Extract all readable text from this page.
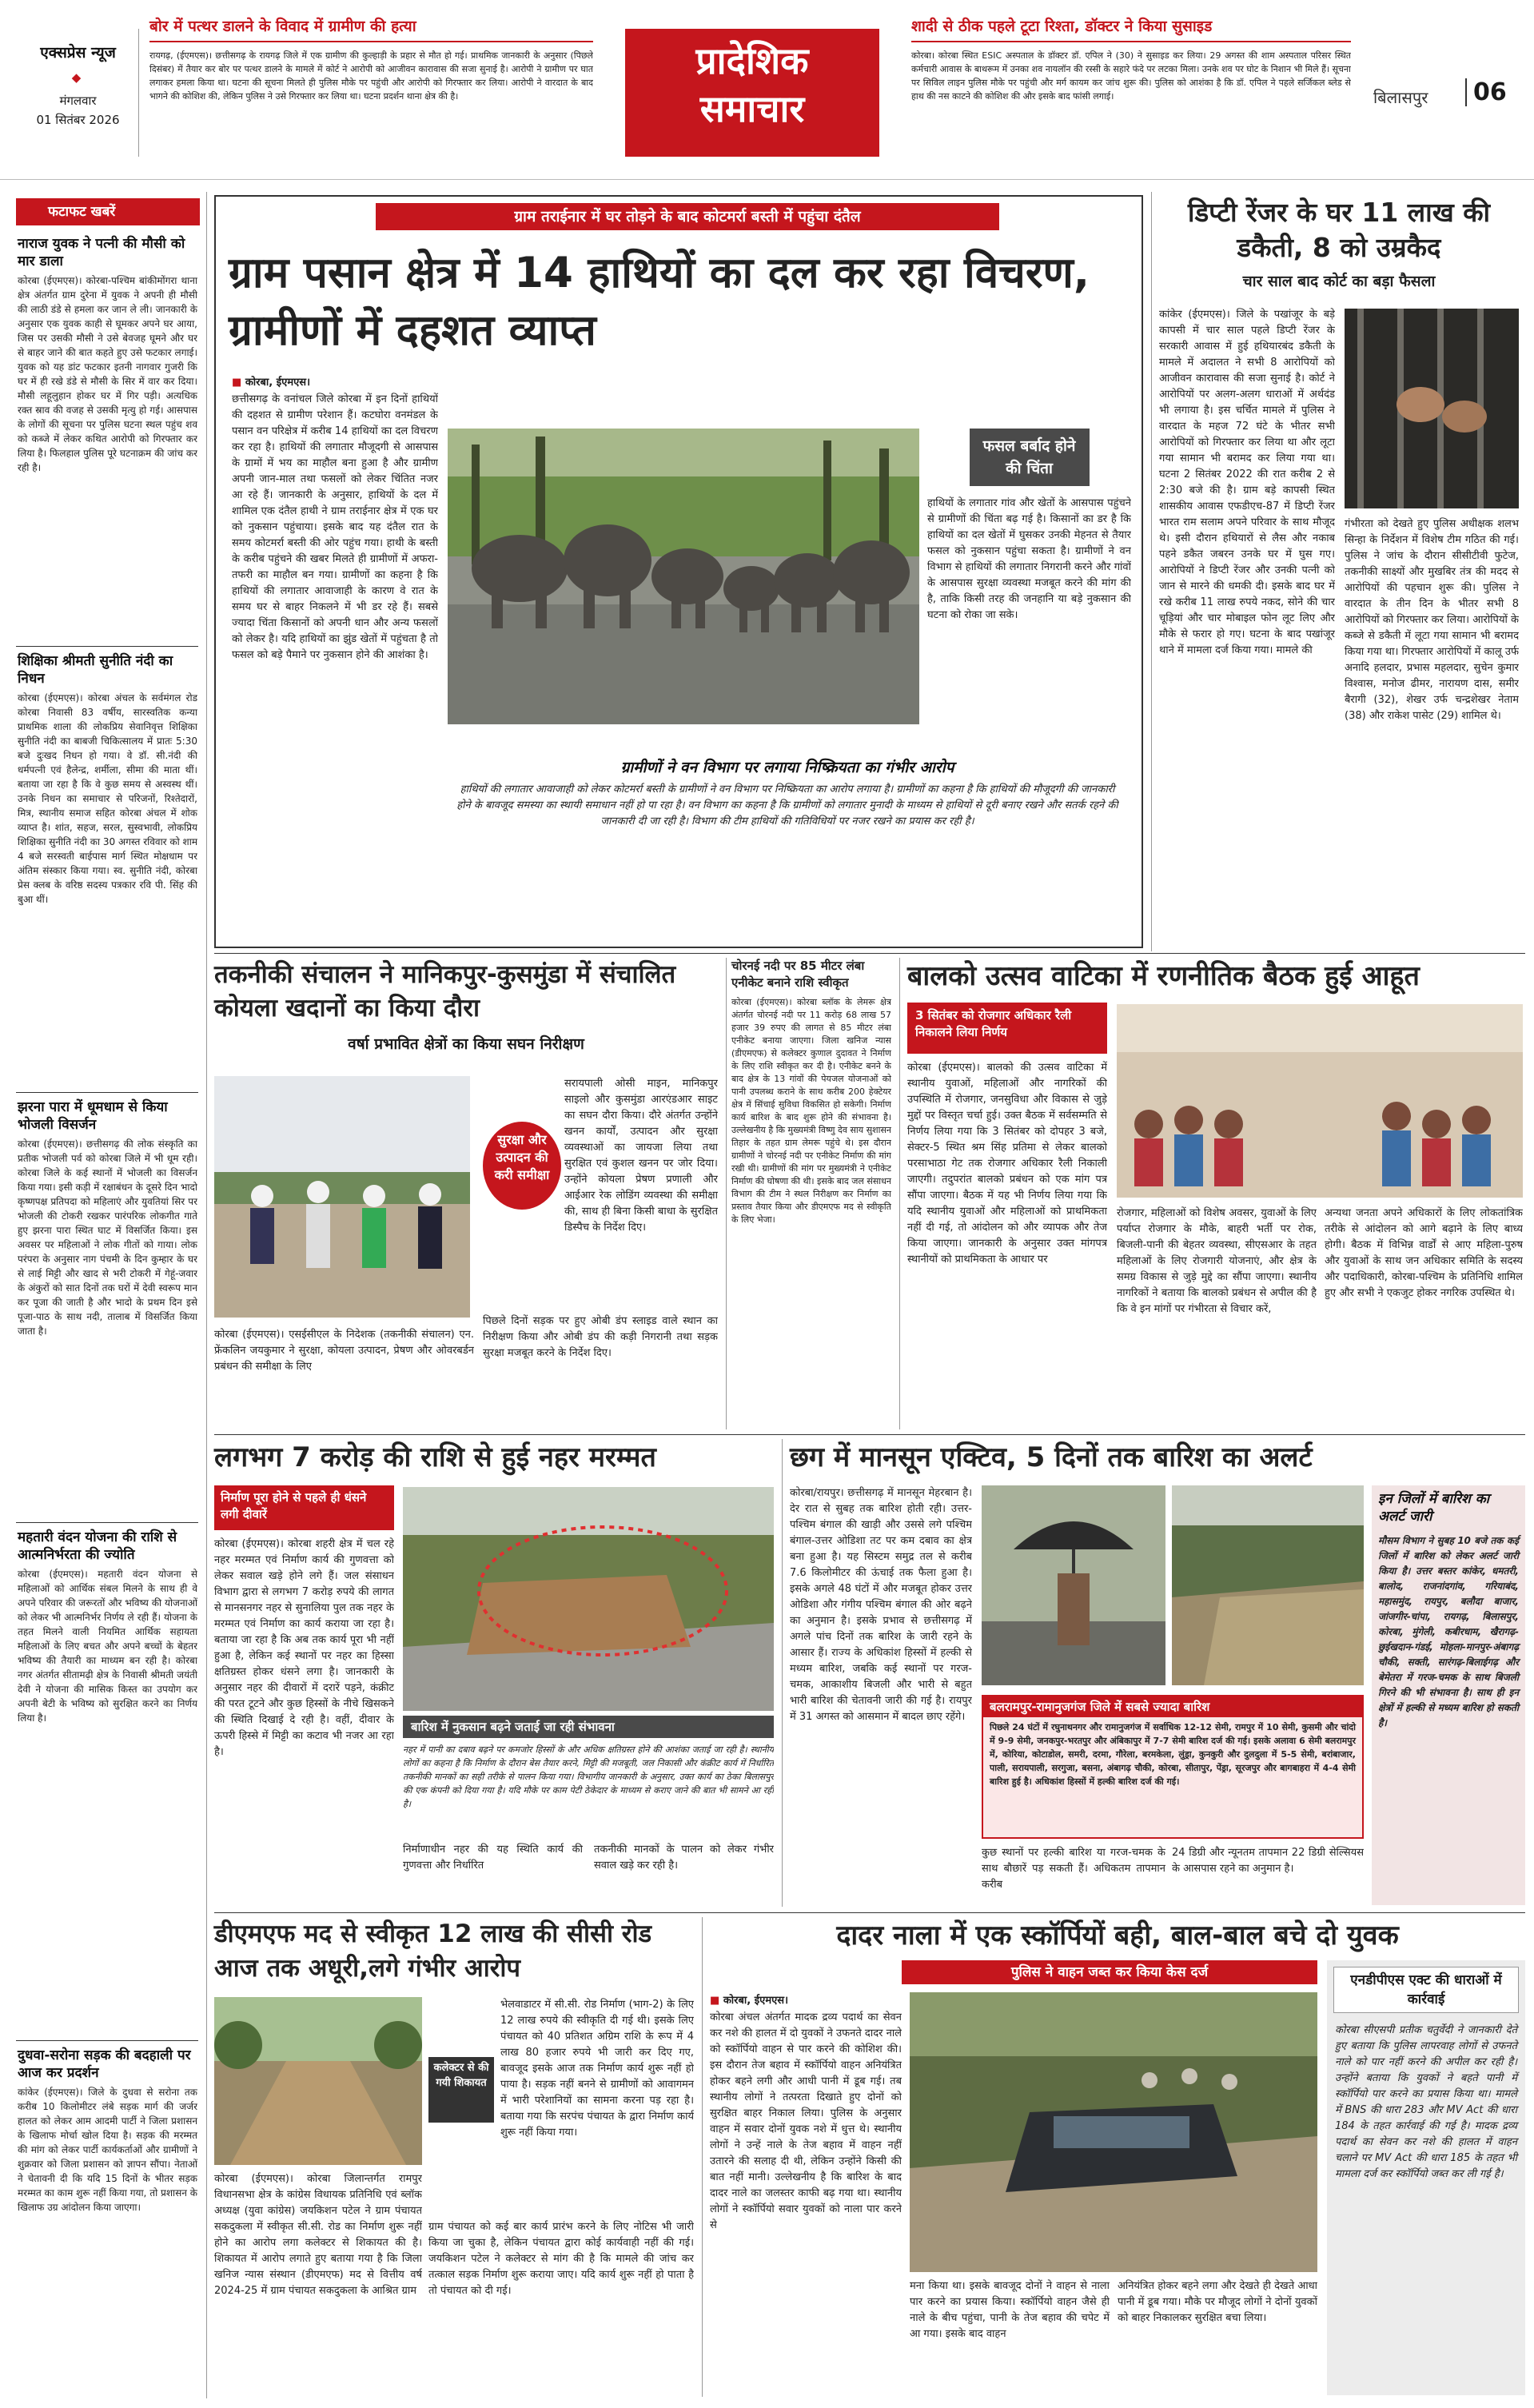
एक्सप्रेस न्यूज
◆
मंगलवार
01 सितंबर 2026
बोर में पत्थर डालने के विवाद में ग्रामीण की हत्या
रायगढ़, (ईएमएस)। छत्तीसगढ़ के रायगढ़ जिले में एक ग्रामीण की कुल्हाड़ी के प्रहार से मौत हो गई। प्राथमिक जानकारी के अनुसार (पिछले दिसंबर) में तैयार कर बोर पर पत्थर डालने के मामले में कोर्ट ने आरोपी को आजीवन कारावास की सजा सुनाई है। आरोपी ने ग्रामीण पर घात लगाकर हमला किया था। घटना की सूचना मिलते ही पुलिस मौके पर पहुंची और आरोपी को गिरफ्तार कर लिया। आरोपी ने वारदात के बाद भागने की कोशिश की, लेकिन पुलिस ने उसे गिरफ्तार कर लिया था। घटना प्रदर्शन थाना क्षेत्र की है।
प्रादेशिक
समाचार
शादी से ठीक पहले टूटा रिश्ता, डॉक्टर ने किया सुसाइड
कोरबा। कोरबा स्थित ESIC अस्पताल के डॉक्टर डॉ. एपिल ने (30) ने सुसाइड कर लिया। 29 अगस्त की शाम अस्पताल परिसर स्थित कर्मचारी आवास के बाथरूम में उनका शव नायलॉन की रस्सी के सहारे फंदे पर लटका मिला। उनके शव पर घोट के निशान भी मिले हैं। सूचना पर सिविल लाइन पुलिस मौके पर पहुंची और मर्ग कायम कर जांच शुरू की। पुलिस को आशंका है कि डॉ. एपिल ने पहले सर्जिकल ब्लेड से हाथ की नस काटने की कोशिश की और इसके बाद फांसी लगाई।	बिलासपुर	06
फटाफट खबरें
नाराज युवक ने पत्नी की मौसी को मार डाला
कोरबा (ईएमएस)। कोरबा-पश्चिम बांकीमोंगरा थाना क्षेत्र अंतर्गत ग्राम दुरेना में युवक ने अपनी ही मौसी की लाठी डंडे से हमला कर जान ले ली। जानकारी के अनुसार एक युवक काही से घूमकर अपने घर आया, जिस पर उसकी मौसी ने उसे बेवजह घूमने और घर से बाहर जाने की बात कहते हुए उसे फटकार लगाई। युवक को यह डांट फटकार इतनी नागवार गुजरी कि घर में ही रखे डंडे से मौसी के सिर में वार कर दिया। मौसी लहूलुहान होकर घर में गिर पड़ी। अत्यधिक रक्त स्राव की वजह से उसकी मृत्यु हो गई। आसपास के लोगों की सूचना पर पुलिस घटना स्थल पहुंच शव को कब्जे में लेकर कथित आरोपी को गिरफ्तार कर लिया है। फिलहाल पुलिस पूरे घटनाक्रम की जांच कर रही है।
शिक्षिका श्रीमती सुनीति नंदी का निधन
कोरबा (ईएमएस)। कोरबा अंचल के सर्वमंगल रोड कोरबा निवासी 83 वर्षीय, सारस्वतिक कन्या प्राथमिक शाला की लोकप्रिय सेवानिवृत्त शिक्षिका सुनीति नंदी का बाबजी चिकित्सालय में प्रातः 5:30 बजे दुःखद निधन हो गया। वे डॉ. सी.नंदी की धर्मपत्नी एवं हैलेन्द्र, शर्मीला, सीमा की माता थीं। बताया जा रहा है कि वे कुछ समय से अस्वस्थ थीं। उनके निधन का समाचार से परिजनों, रिश्तेदारों, मित्र, स्थानीय समाज सहित कोरबा अंचल में शोक व्याप्त है। शांत, सहज, सरल, सुस्वभावी, लोकप्रिय शिक्षिका सुनीति नंदी का 30 अगस्त रविवार को शाम 4 बजे सरस्वती बाईपास मार्ग स्थित मोक्षधाम पर अंतिम संस्कार किया गया। स्व. सुनीति नंदी, कोरबा प्रेस क्लब के वरिष्ठ सदस्य पत्रकार रवि पी. सिंह की बुआ थीं।
झरना पारा में धूमधाम से किया भोजली विसर्जन
कोरबा (ईएमएस)। छत्तीसगढ़ की लोक संस्कृति का प्रतीक भोजली पर्व को कोरबा जिले में भी धूम रही। कोरबा जिले के कई स्थानों में भोजली का विसर्जन किया गया। इसी कड़ी में रक्षाबंधन के दूसरे दिन भादो कृष्णपक्ष प्रतिपदा को महिलाएं और युवतियां सिर पर भोजली की टोकरी रखकर पारंपरिक लोकगीत गाते हुए झरना पारा स्थित घाट में विसर्जित किया। इस अवसर पर महिलाओं ने लोक गीतों को गाया। लोक परंपरा के अनुसार नाग पंचमी के दिन कुम्हार के घर से लाई मिट्टी और खाद से भरी टोकरी में गेहूं-जवार के अंकुरों को सात दिनों तक घरों में देवी स्वरूप मान कर पूजा की जाती है और भादो के प्रथम दिन इसे पूजा-पाठ के साथ नदी, तालाब में विसर्जित किया जाता है।
महतारी वंदन योजना की राशि से आत्मनिर्भरता की ज्योति
कोरबा (ईएमएस)। महतारी वंदन योजना से महिलाओं को आर्थिक संबल मिलने के साथ ही वे अपने परिवार की जरूरतों और भविष्य की योजनाओं को लेकर भी आत्मनिर्भर निर्णय ले रही हैं। योजना के तहत मिलने वाली नियमित आर्थिक सहायता महिलाओं के लिए बचत और अपने बच्चों के बेहतर भविष्य की तैयारी का माध्यम बन रही है। कोरबा नगर अंतर्गत सीतामढ़ी क्षेत्र के निवासी श्रीमती जयंती देवी ने योजना की मासिक किस्त का उपयोग कर अपनी बेटी के भविष्य को सुरक्षित करने का निर्णय लिया है।
दुधवा-सरोना सड़क की बदहाली पर आज कर प्रदर्शन
कांकेर (ईएमएस)। जिले के दुधवा से सरोना तक करीब 10 किलोमीटर लंबे सड़क मार्ग की जर्जर हालत को लेकर आम आदमी पार्टी ने जिला प्रशासन के खिलाफ मोर्चा खोल दिया है। सड़क की मरम्मत की मांग को लेकर पार्टी कार्यकर्ताओं और ग्रामीणों ने शुक्रवार को जिला प्रशासन को ज्ञापन सौंपा। नेताओं ने चेतावनी दी कि यदि 15 दिनों के भीतर सड़क मरम्मत का काम शुरू नहीं किया गया, तो प्रशासन के खिलाफ उग्र आंदोलन किया जाएगा।
ग्राम तराईनार में घर तोड़ने के बाद कोटमर्रा बस्ती में पहुंचा दंतैल
ग्राम पसान क्षेत्र में 14 हाथियों का दल कर रहा विचरण, ग्रामीणों में दहशत व्याप्त
■ कोरबा, ईएमएस।
छत्तीसगढ़ के वनांचल जिले कोरबा में इन दिनों हाथियों की दहशत से ग्रामीण परेशान हैं। कटघोरा वनमंडल के पसान वन परिक्षेत्र में करीब 14 हाथियों का दल विचरण कर रहा है। हाथियों की लगातार मौजूदगी से आसपास के ग्रामों में भय का माहौल बना हुआ है और ग्रामीण अपनी जान-माल तथा फसलों को लेकर चिंतित नजर आ रहे हैं। जानकारी के अनुसार, हाथियों के दल में शामिल एक दंतैल हाथी ने ग्राम तराईनार क्षेत्र में एक घर को नुकसान पहुंचाया। इसके बाद यह दंतैल रात के समय कोटमर्रा बस्ती की ओर पहुंच गया। हाथी के बस्ती के करीब पहुंचने की खबर मिलते ही ग्रामीणों में अफरा-तफरी का माहौल बन गया। ग्रामीणों का कहना है कि हाथियों की लगातार आवाजाही के कारण वे रात के समय घर से बाहर निकलने में भी डर रहे हैं। सबसे ज्यादा चिंता किसानों को अपनी धान और अन्य फसलों को लेकर है। यदि हाथियों का झुंड खेतों में पहुंचता है तो फसल को बड़े पैमाने पर नुकसान होने की आशंका है।
फसल बर्बाद होने की चिंता
हाथियों के लगातार गांव और खेतों के आसपास पहुंचने से ग्रामीणों की चिंता बढ़ गई है। किसानों का डर है कि हाथियों का दल खेतों में घुसकर उनकी मेहनत से तैयार फसल को नुकसान पहुंचा सकता है। ग्रामीणों ने वन विभाग से हाथियों की लगातार निगरानी करने और गांवों के आसपास सुरक्षा व्यवस्था मजबूत करने की मांग की है, ताकि किसी तरह की जनहानि या बड़े नुकसान की घटना को रोका जा सके।
ग्रामीणों ने वन विभाग पर लगाया निष्क्रियता का गंभीर आरोप
हाथियों की लगातार आवाजाही को लेकर कोटमर्रा बस्ती के ग्रामीणों ने वन विभाग पर निष्क्रियता का आरोप लगाया है। ग्रामीणों का कहना है कि हाथियों की मौजूदगी की जानकारी होने के बावजूद समस्या का स्थायी समाधान नहीं हो पा रहा है। वन विभाग का कहना है कि ग्रामीणों को लगातार मुनादी के माध्यम से हाथियों से दूरी बनाए रखने और सतर्क रहने की जानकारी दी जा रही है। विभाग की टीम हाथियों की गतिविधियों पर नजर रखने का प्रयास कर रही है।
डिप्टी रेंजर के घर 11 लाख की डकैती, 8 को उम्रकैद
चार साल बाद कोर्ट का बड़ा फैसला
कांकेर (ईएमएस)। जिले के पखांजूर के बड़े कापसी में चार साल पहले डिप्टी रेंजर के सरकारी आवास में हुई हथियारबंद डकैती के मामले में अदालत ने सभी 8 आरोपियों को आजीवन कारावास की सजा सुनाई है। कोर्ट ने आरोपियों पर अलग-अलग धाराओं में अर्थदंड भी लगाया है। इस चर्चित मामले में पुलिस ने वारदात के महज 72 घंटे के भीतर सभी आरोपियों को गिरफ्तार कर लिया था और लूटा गया सामान भी बरामद कर लिया गया था। घटना 2 सितंबर 2022 की रात करीब 2 से 2:30 बजे की है। ग्राम बड़े कापसी स्थित शासकीय आवास एफडीएच-87 में डिप्टी रेंजर भारत राम सलाम अपने परिवार के साथ मौजूद थे। इसी दौरान हथियारों से लैस और नकाब पहने डकैत जबरन उनके घर में घुस गए। आरोपियों ने डिप्टी रेंजर और उनकी पत्नी को जान से मारने की धमकी दी। इसके बाद घर में रखे करीब 11 लाख रुपये नकद, सोने की चार चूड़ियां और चार मोबाइल फोन लूट लिए और मौके से फरार हो गए। घटना के बाद पखांजूर थाने में मामला दर्ज किया गया। मामले की
गंभीरता को देखते हुए पुलिस अधीक्षक शलभ सिन्हा के निर्देशन में विशेष टीम गठित की गई। पुलिस ने जांच के दौरान सीसीटीवी फुटेज, तकनीकी साक्ष्यों और मुखबिर तंत्र की मदद से आरोपियों की पहचान शुरू की। पुलिस ने वारदात के तीन दिन के भीतर सभी 8 आरोपियों को गिरफ्तार कर लिया। आरोपियों के कब्जे से डकैती में लूटा गया सामान भी बरामद किया गया था। गिरफ्तार आरोपियों में कालू उर्फ अनादि हलदार, प्रभास महलदार, सुचेन कुमार विश्वास, मनोज ढीमर, नारायण दास, समीर बैरागी (32), शेखर उर्फ चन्द्रशेखर नेताम (38) और राकेश पासेट (29) शामिल थे।
तकनीकी संचालन ने मानिकपुर-कुसमुंडा में संचालित कोयला खदानों का किया दौरा
वर्षा प्रभावित क्षेत्रों का किया सघन निरीक्षण
सुरक्षा और उत्पादन की करी समीक्षा
सरायपाली ओसी माइन, मानिकपुर साइलो और कुसमुंडा आरएंडआर साइट का सघन दौरा किया। दौरे अंतर्गत उन्होंने खनन कार्यों, उत्पादन और सुरक्षा व्यवस्थाओं का जायजा लिया तथा सुरक्षित एवं कुशल खनन पर जोर दिया। उन्होंने कोयला प्रेषण प्रणाली और आईआर रेक लोडिंग व्यवस्था की समीक्षा की, साथ ही बिना किसी बाधा के सुरक्षित डिस्पैच के निर्देश दिए।
पिछले दिनों सड़क पर हुए ओबी डंप स्लाइड वाले स्थान का निरीक्षण किया और ओबी डंप की कड़ी निगरानी तथा सड़क सुरक्षा मजबूत करने के निर्देश दिए।
कोरबा (ईएमएस)। एसईसीएल के निदेशक (तकनीकी संचालन) एन. फ्रेंकलिन जयकुमार ने सुरक्षा, कोयला उत्पादन, प्रेषण और ओवरबर्डन प्रबंधन की समीक्षा के लिए
चोरनई नदी पर 85 मीटर लंबा एनीकेट बनाने राशि स्वीकृत
कोरबा (ईएमएस)। कोरबा ब्लॉक के लेमरू क्षेत्र अंतर्गत चोरनई नदी पर 11 करोड़ 68 लाख 57 हजार 39 रुपए की लागत से 85 मीटर लंबा एनीकेट बनाया जाएगा। जिला खनिज न्यास (डीएमएफ) से कलेक्टर कुणाल दुदावत ने निर्माण के लिए राशि स्वीकृत कर दी है। एनीकेट बनने के बाद क्षेत्र के 13 गांवों की पेयजल योजनाओं को पानी उपलब्ध कराने के साथ करीब 200 हेक्टेयर क्षेत्र में सिंचाई सुविधा विकसित हो सकेगी। निर्माण कार्य बारिश के बाद शुरू होने की संभावना है। उल्लेखनीय है कि मुख्यमंत्री विष्णु देव साय सुशासन तिहार के तहत ग्राम लेमरू पहुंचे थे। इस दौरान ग्रामीणों ने चोरनई नदी पर एनीकेट निर्माण की मांग रखी थी। ग्रामीणों की मांग पर मुख्यमंत्री ने एनीकेट निर्माण की घोषणा की थी। इसके बाद जल संसाधन विभाग की टीम ने स्थल निरीक्षण कर निर्माण का प्रस्ताव तैयार किया और डीएमएफ मद से स्वीकृति के लिए भेजा।
बालको उत्सव वाटिका में रणनीतिक बैठक हुई आहूत
3 सितंबर को रोजगार अधिकार रैली निकालने लिया निर्णय
कोरबा (ईएमएस)। बालको की उत्सव वाटिका में स्थानीय युवाओं, महिलाओं और नागरिकों की उपस्थिति में रोजगार, जनसुविधा और विकास से जुड़े मुद्दों पर विस्तृत चर्चा हुई। उक्त बैठक में सर्वसम्मति से निर्णय लिया गया कि 3 सितंबर को दोपहर 3 बजे, सेक्टर-5 स्थित श्रम सिंह प्रतिमा से लेकर बालको परसाभाठा गेट तक रोजगार अधिकार रैली निकाली जाएगी। तदुपरांत बालको प्रबंधन को एक मांग पत्र सौंपा जाएगा। बैठक में यह भी निर्णय लिया गया कि यदि स्थानीय युवाओं और महिलाओं को प्राथमिकता नहीं दी गई, तो आंदोलन को और व्यापक और तेज किया जाएगा। जानकारी के अनुसार उक्त मांगपत्र स्थानीयों को प्राथमिकता के आधार पर
रोजगार, महिलाओं को विशेष अवसर, युवाओं के लिए पर्याप्त रोजगार के मौके, बाहरी भर्ती पर रोक, बिजली-पानी की बेहतर व्यवस्था, सीएसआर के तहत महिलाओं के लिए रोजगारी योजनाएं, और क्षेत्र के समग्र विकास से जुड़े मुद्दे का सौंपा जाएगा। स्थानीय नागरिकों ने बताया कि बालको प्रबंधन से अपील की है कि वे इन मांगों पर गंभीरता से विचार करें,
अन्यथा जनता अपने अधिकारों के लिए लोकतांत्रिक तरीके से आंदोलन को आगे बढ़ाने के लिए बाध्य होगी। बैठक में विभिन्न वार्डों से आए महिला-पुरुष और युवाओं के साथ जन अधिकार समिति के सदस्य और पदाधिकारी, कोरबा-पश्चिम के प्रतिनिधि शामिल हुए और सभी ने एकजुट होकर नगरिक उपस्थित थे।
लगभग 7 करोड़ की राशि से हुई नहर मरम्मत
निर्माण पूरा होने से पहले ही धंसने लगी दीवारें
कोरबा (ईएमएस)। कोरबा शहरी क्षेत्र में चल रहे नहर मरम्मत एवं निर्माण कार्य की गुणवत्ता को लेकर सवाल खड़े होने लगे हैं। जल संसाधन विभाग द्वारा से लगभग 7 करोड़ रुपये की लागत से मानसनगर नहर से सुनालिया पुल तक नहर के मरम्मत एवं निर्माण का कार्य कराया जा रहा है। बताया जा रहा है कि अब तक कार्य पूरा भी नहीं हुआ है, लेकिन कई स्थानों पर नहर का हिस्सा क्षतिग्रस्त होकर धंसने लगा है। जानकारी के अनुसार नहर की दीवारों में दरारें पड़ने, कंक्रीट की परत टूटने और कुछ हिस्सों के नीचे खिसकने की स्थिति दिखाई दे रही है। वहीं, दीवार के ऊपरी हिस्से में मिट्टी का कटाव भी नजर आ रहा है।
बारिश में नुकसान बढ़ने जताई जा रही संभावना
नहर में पानी का दबाव बढ़ने पर कमजोर हिस्सों के और अधिक क्षतिग्रस्त होने की आशंका जताई जा रही है। स्थानीय लोगों का कहना है कि निर्माण के दौरान बेस तैयार करने, मिट्टी की मजबूती, जल निकासी और कंक्रीट कार्य में निर्धारित तकनीकी मानकों का सही तरीके से पालन किया गया। विभागीय जानकारी के अनुसार, उक्त कार्य का ठेका बिलासपुर की एक कंपनी को दिया गया है। यदि मौके पर काम पेटी ठेकेदार के माध्यम से कराए जाने की बात भी सामने आ रही है।
निर्माणाधीन नहर की यह स्थिति कार्य की गुणवत्ता और निर्धारित
तकनीकी मानकों के पालन को लेकर गंभीर सवाल खड़े कर रही है।
छग में मानसून एक्टिव, 5 दिनों तक बारिश का अलर्ट
कोरबा/रायपुर। छत्तीसगढ़ में मानसून मेहरबान है। देर रात से सुबह तक बारिश होती रही। उत्तर-पश्चिम बंगाल की खाड़ी और उससे लगे पश्चिम बंगाल-उत्तर ओडिशा तट पर कम दबाव का क्षेत्र बना हुआ है। यह सिस्टम समुद्र तल से करीब 7.6 किलोमीटर की ऊंचाई तक फैला हुआ है। इसके अगले 48 घंटों में और मजबूत होकर उत्तर ओडिशा और गंगीय पश्चिम बंगाल की ओर बढ़ने का अनुमान है। इसके प्रभाव से छत्तीसगढ़ में अगले पांच दिनों तक बारिश के जारी रहने के आसार हैं। राज्य के अधिकांश हिस्सों में हल्की से मध्यम बारिश, जबकि कई स्थानों पर गरज-चमक, आकाशीय बिजली और भारी से बहुत भारी बारिश की चेतावनी जारी की गई है। रायपुर में 31 अगस्त को आसमान में बादल छाए रहेंगे।
बलरामपुर-रामानुजगंज जिले में सबसे ज्यादा बारिश
पिछले 24 घंटों में रघुनाथनगर और रामानुजगंज में सर्वाधिक 12-12 सेमी, रामपुर में 10 सेमी, कुसमी और चांदो में 9-9 सेमी, जनकपुर-भरतपुर और अंबिकापुर में 7-7 सेमी बारिश दर्ज की गई। इसके अलावा 6 सेमी बलरामपुर में, कोरिया, कोटाडोल, समरी, दरमा, गौरेला, बरमकेला, लुंड्रा, कुनकुरी और दुलदुला में 5-5 सेमी, बरांबाजार, पाली, सरायपाली, सरगुजा, बसना, अंबागढ़ चौकी, कोरबा, सीतापुर, पेंड्रा, सूरजपुर और बागबाहरा में 4-4 सेमी बारिश हुई है। अधिकांश हिस्सों में हल्की बारिश दर्ज की गई।
कुछ स्थानों पर हल्की बारिश या गरज-चमक के साथ बौछारें पड़ सकती हैं। अधिकतम तापमान करीब
24 डिग्री और न्यूनतम तापमान 22 डिग्री सेल्सियस के आसपास रहने का अनुमान है।
इन जिलों में बारिश का अलर्ट जारी
मौसम विभाग ने सुबह 10 बजे तक कई जिलों में बारिश को लेकर अलर्ट जारी किया है। उत्तर बस्तर कांकेर, धमतरी, बालोद, राजनांदगांव, गरियाबंद, महासमुंद, रायपुर, बलौदा बाजार, जांजगीर-चांपा, रायगढ़, बिलासपुर, कोरबा, मुंगेली, कबीरधाम, खैरागढ़-छुईखदान-गंडई, मोहला-मानपुर-अंबागढ़ चौकी, सक्ती, सारंगढ़-बिलाईगढ़ और बेमेतरा में गरज-चमक के साथ बिजली गिरने की भी संभावना है। साथ ही इन क्षेत्रों में हल्की से मध्यम बारिश हो सकती है।
डीएमएफ मद से स्वीकृत 12 लाख की सीसी रोड आज तक अधूरी,लगे गंभीर आरोप
कलेक्टर से की गयी शिकायत
कोरबा (ईएमएस)। कोरबा जिलान्तर्गत रामपुर विधानसभा क्षेत्र के कांग्रेस विधायक प्रतिनिधि एवं ब्लॉक अध्यक्ष (युवा कांग्रेस) जयकिशन पटेल ने ग्राम पंचायत सकदुकला में स्वीकृत सी.सी. रोड का निर्माण शुरू नहीं होने का आरोप लगा कलेक्टर से शिकायत की है। शिकायत में आरोप लगाते हुए बताया गया है कि जिला खनिज न्यास संस्थान (डीएमएफ) मद से वित्तीय वर्ष 2024-25 में ग्राम पंचायत सकदुकला के आश्रित ग्राम
भेलवाडाटर में सी.सी. रोड निर्माण (भाग-2) के लिए 12 लाख रुपये की स्वीकृति दी गई थी। इसके लिए पंचायत को 40 प्रतिशत अग्रिम राशि के रूप में 4 लाख 80 हजार रुपये भी जारी कर दिए गए, बावजूद इसके आज तक निर्माण कार्य शुरू नहीं हो पाया है। सड़क नहीं बनने से ग्रामीणों को आवागमन में भारी परेशानियों का सामना करना पड़ रहा है। बताया गया कि सरपंच पंचायत के द्वारा निर्माण कार्य शुरू नहीं किया गया।
ग्राम पंचायत को कई बार कार्य प्रारंभ करने के लिए नोटिस भी जारी किया जा चुका है, लेकिन पंचायत द्वारा कोई कार्यवाही नहीं की गई। जयकिशन पटेल ने कलेक्टर से मांग की है कि मामले की जांच कर तत्काल सड़क निर्माण शुरू कराया जाए। यदि कार्य शुरू नहीं हो पाता है तो पंचायत को दी गई।
दादर नाला में एक स्कॉर्पियों बही, बाल-बाल बचे दो युवक
पुलिस ने वाहन जब्त कर किया केस दर्ज
■ कोरबा, ईएमएस।
कोरबा अंचल अंतर्गत मादक द्रव्य पदार्थ का सेवन कर नशे की हालत में दो युवकों ने उफनते दादर नाले को स्कॉर्पियो वाहन से पार करने की कोशिश की। इस दौरान तेज बहाव में स्कॉर्पियो वाहन अनियंत्रित होकर बहने लगी और आधी पानी में डूब गई। तब स्थानीय लोगों ने तत्परता दिखाते हुए दोनों को सुरक्षित बाहर निकाल लिया। पुलिस के अनुसार वाहन में सवार दोनों युवक नशे में धुत्त थे। स्थानीय लोगों ने उन्हें नाले के तेज बहाव में वाहन नहीं उतारने की सलाह दी थी, लेकिन उन्होंने किसी की बात नहीं मानी। उल्लेखनीय है कि बारिश के बाद दादर नाले का जलस्तर काफी बढ़ गया था। स्थानीय लोगों ने स्कॉर्पियो सवार युवकों को नाला पार करने से
मना किया था। इसके बावजूद दोनों ने वाहन से नाला पार करने का प्रयास किया। स्कॉर्पियो वाहन जैसे ही नाले के बीच पहुंचा, पानी के तेज बहाव की चपेट में आ गया। इसके बाद वाहन
अनियंत्रित होकर बहने लगा और देखते ही देखते आधा पानी में डूब गया। मौके पर मौजूद लोगों ने दोनों युवकों को बाहर निकालकर सुरक्षित बचा लिया।
एनडीपीएस एक्ट की धाराओं में कार्रवाई
कोरबा सीएसपी प्रतीक चतुर्वेदी ने जानकारी देते हुए बताया कि पुलिस लापरवाह लोगों से उफनते नाले को पार नहीं करने की अपील कर रही है। उन्होंने बताया कि युवकों ने बहते पानी में स्कॉर्पियो पार करने का प्रयास किया था। मामले में BNS की धारा 283 और MV Act की धारा 184 के तहत कार्रवाई की गई है। मादक द्रव्य पदार्थ का सेवन कर नशे की हालत में वाहन चलाने पर MV Act की धारा 185 के तहत भी मामला दर्ज कर स्कॉर्पियो जब्त कर ली गई है।
